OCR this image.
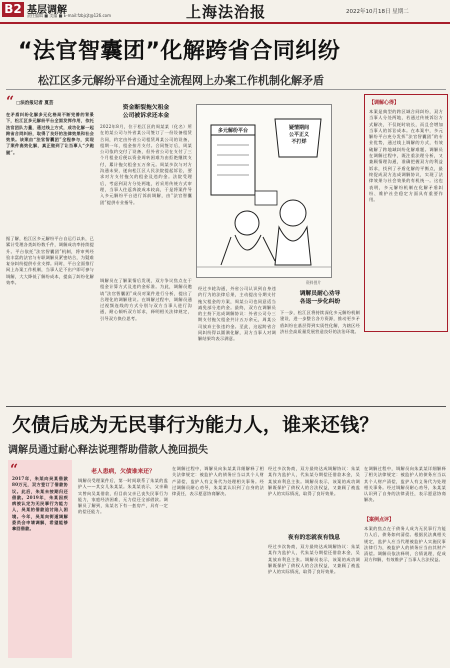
B2 基层调解
责任编辑 ■ 美编 ■ E-mail:fzbjcjt@126.com	上海法治报	2022年10月18日 星期二
“法官智囊团”化解跨省合同纠纷
松江区多元解纷平台通过全流程网上办案工作机制化解矛盾
“ □法治报记者 夏芸
在矛盾纠纷化解多元化格局不断完善的背景下，松江区多元解纷平台全面发挥作用，依托法官团队力量，通过线上方式，成功化解一起跨省合同纠纷，取得了良好的法律效果和社会效果。该案由“法官智囊团”全程参与，实现了案件高效化解，真正做到了让当事人“少跑腿”。
据了解，松江区多元解纷平台自运行以来，已累计受理各类纠纷数千件，调解成功率持续提升。平台依托“法官智囊团”机制，将审判经验丰富的法官与专职调解员紧密结合，为疑难复杂纠纷提供专业支撑。同时，平台全面推行网上办案工作机制，当事人足不出户即可参与调解，大大降低了解纷成本，提高了纠纷化解效率。
资金断裂拖欠租金
公司被诉求还本金
2022年8月，位于松江区的周某某（化名）所在的某公司与外省某公司签订了一份设备租赁合同，约定由外省公司租赁周某公司的设备，租期一年，租金按月支付。合同签订后，周某公司依约交付了设备，但外省公司在支付了三个月租金后便以资金周转困难为由拒绝继续支付，累计拖欠租金五万余元。周某多次与对方沟通未果，遂向松江区人民法院提起诉讼，要求对方支付拖欠的租金及违约金。法院受理后，考虑到双方分处两地，若采用传统方式审理，当事人往返奔波成本较高，于是将案件导入多元解纷平台进行诉前调解，由“法官智囊团”提供专业指导。
调解员在了解案情后发现，双方争议焦点在于租金计算方式及违约金标准。为此，调解员邀请“法官智囊团”成员对案件进行分析，提出了合理化的调解建议。在调解过程中，调解员通过视频连线的方式分别与双方当事人进行沟通，耐心倾听双方诉求，释明相关法律规定，引导双方换位思考。
多元解纷平台	疑情期间
公平正义
不打烊
资料图片
经过多轮沟通，外省公司认识到自身违约行为的法律后果，主动提出分期支付拖欠租金的方案，周某公司也同意适当减免部分违约金。最终，双方在调解员的主持下达成调解协议：外省公司分三期支付拖欠租金共计五万余元，周某公司放弃主张违约金。至此，这起跨省合同纠纷得以圆满化解，双方当事人对调解结果均表示满意。
调解员耐心劝导
各退一步化纠纷
下一步，松江区将持续深化多元解纷机制建设，进一步整合各方资源，推动更多矛盾纠纷在基层得到实质性化解，为辖区经济社会高质量发展营造良好的法治环境。
【调解心得】
本案是典型的跨区域合同纠纷，双方当事人分处两地，若通过传统诉讼方式解决，不仅耗时较长，而且会增加当事人的诉讼成本。在本案中，多元解纷平台充分发挥“法官智囊团”的专业优势，通过线上调解的方式，有效破解了跨地域纠纷化解难题。调解员在调解过程中，既注重法理分析，又兼顾情理沟通，准确把握双方的利益诉求，找到了矛盾化解的平衡点，最终促成双方达成调解协议，实现了法律效果与社会效果的有机统一。这也表明，多元解纷机制在化解矛盾纠纷、维护社会稳定方面具有重要作用。
欠债后成为无民事行为能力人，谁来还钱？
调解员通过耐心释法说理帮助借款人挽回损失
“
2017年，朱某向吴某借款80万元，双方签订了借款协议。此后，朱某未按期归还借款。2019年，朱某因疾病被认定为无民事行为能力人，吴某的借款追讨陷入困境。今年，吴某向街道调解委员会申请调解，希望能够拿回借款。
老人患病，欠债谁来还？
调解员受理案件后，第一时间联系了朱某的监护人——其女儿朱某某。朱某某表示，父亲确实曾向吴某借款，但目前父亲已丧失民事行为能力，家庭经济困难，无力偿还全部借款。调解员了解到，朱某名下有一套房产，具有一定的偿还能力。
在调解过程中，调解员向朱某某详细解释了相关法律规定：被监护人的债务应当以其个人财产清偿，监护人有义务代为处理相关事务。经过调解员耐心劝导，朱某某认识到了自身的法律责任，表示愿意协商解决。
夜有的恋就夜有钱息
经过多次协商，双方最终达成调解协议：朱某某作为监护人，代朱某分期偿还借款本金，吴某放弃利息主张。调解员表示，该案的成功调解既保护了债权人的合法权益，又兼顾了被监护人的实际情况，取得了良好效果。
经过多次协商，双方最终达成调解协议：朱某某作为监护人，代朱某分期偿还借款本金，吴某放弃利息主张。调解员表示，该案的成功调解既保护了债权人的合法权益，又兼顾了被监护人的实际情况，取得了良好效果。
在调解过程中，调解员向朱某某详细解释了相关法律规定：被监护人的债务应当以其个人财产清偿，监护人有义务代为处理相关事务。经过调解员耐心劝导，朱某某认识到了自身的法律责任，表示愿意协商解决。
【案例点评】
本案的焦点在于债务人成为无民事行为能力人后，债务如何清偿。根据民法典相关规定，监护人应当代理被监护人实施民事法律行为，被监护人的债务应当由其财产清偿。调解员依法释明，合情说理，促成双方和解，有效维护了当事人合法权益。
